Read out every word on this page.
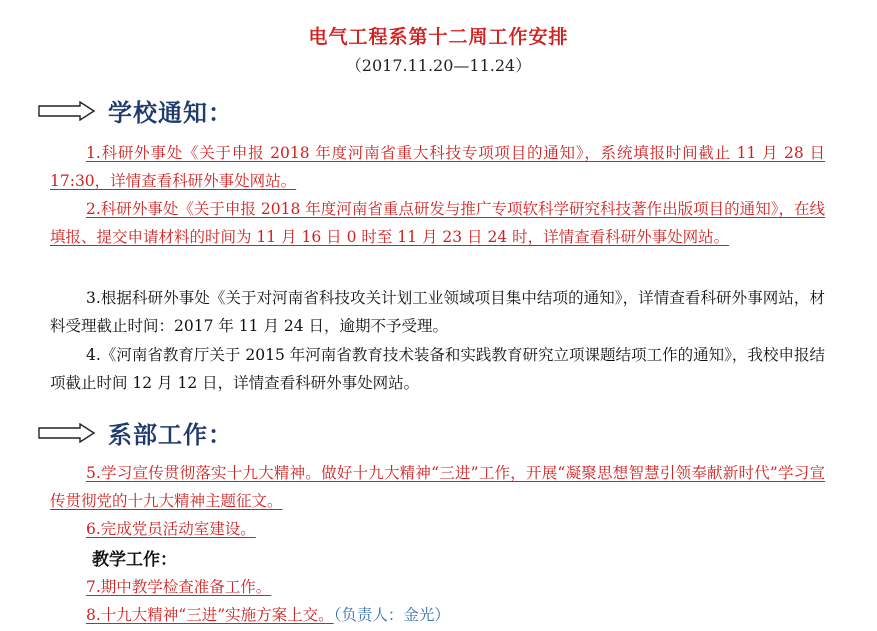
电气工程系第十二周工作安排
（2017.11.20—11.24）
学校通知：
1.科研外事处《关于申报 2018 年度河南省重大科技专项项目的通知》，系统填报时间截止 11 月 28 日 17:30，详情查看科研外事处网站。
2.科研外事处《关于申报 2018 年度河南省重点研发与推广专项软科学研究科技著作出版项目的通知》，在线填报、提交申请材料的时间为 11 月 16 日 0 时至 11 月 23 日 24 时，详情查看科研外事处网站。
3.根据科研外事处《关于对河南省科技攻关计划工业领域项目集中结项的通知》，详情查看科研外事网站，材料受理截止时间：2017 年 11 月 24 日，逾期不予受理。
4.《河南省教育厅关于 2015 年河南省教育技术装备和实践教育研究立项课题结项工作的通知》，我校申报结项截止时间 12 月 12 日，详情查看科研外事处网站。
系部工作：
5.学习宣传贯彻落实十九大精神。做好十九大精神“三进”工作，开展“凝聚思想智慧引领奉献新时代”学习宣传贯彻党的十九大精神主题征文。
6.完成党员活动室建设。
教学工作：
7.期中教学检查准备工作。
8.十九大精神“三进”实施方案上交。（负责人：金光）
